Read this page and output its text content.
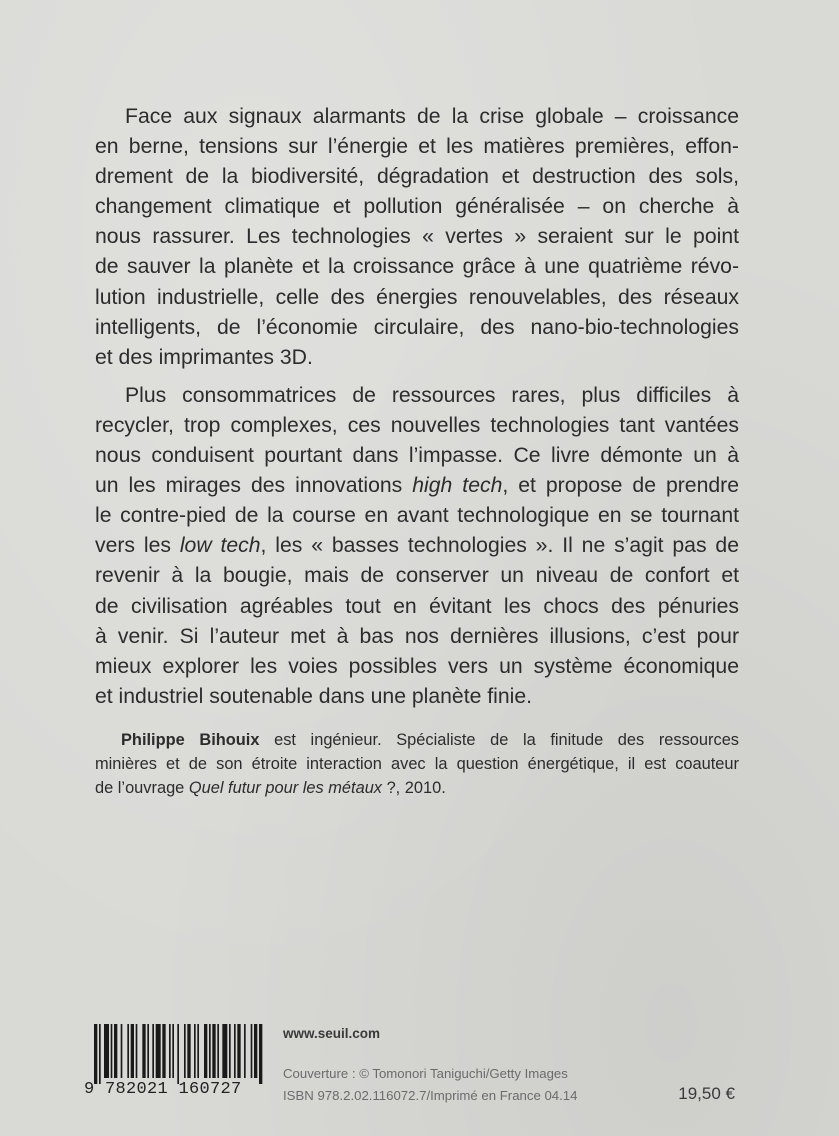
Face aux signaux alarmants de la crise globale – croissance
en berne, tensions sur l’énergie et les matières premières, effon-
drement de la biodiversité, dégradation et destruction des sols,
changement climatique et pollution généralisée – on cherche à
nous rassurer. Les technologies « vertes » seraient sur le point
de sauver la planète et la croissance grâce à une quatrième révo-
lution industrielle, celle des énergies renouvelables, des réseaux
intelligents, de l’économie circulaire, des nano-bio-technologies
et des imprimantes 3D.

Plus consommatrices de ressources rares, plus difficiles à
recycler, trop complexes, ces nouvelles technologies tant vantées
nous conduisent pourtant dans l’impasse. Ce livre démonte un à
un les mirages des innovations high tech, et propose de prendre
le contre-pied de la course en avant technologique en se tournant
vers les low tech, les « basses technologies ». Il ne s’agit pas de
revenir à la bougie, mais de conserver un niveau de confort et
de civilisation agréables tout en évitant les chocs des pénuries
à venir. Si l’auteur met à bas nos dernières illusions, c’est pour
mieux explorer les voies possibles vers un système économique
et industriel soutenable dans une planète finie.

Philippe Bihouix est ingénieur. Spécialiste de la finitude des ressources
minières et de son étroite interaction avec la question énergétique, il est coauteur
de l’ouvrage Quel futur pour les métaux ?, 2010.
9 782021 160727
www.seuil.com
Couverture : © Tomonori Taniguchi/Getty Images
ISBN 978.2.02.116072.7/Imprimé en France 04.14	19,50 €
